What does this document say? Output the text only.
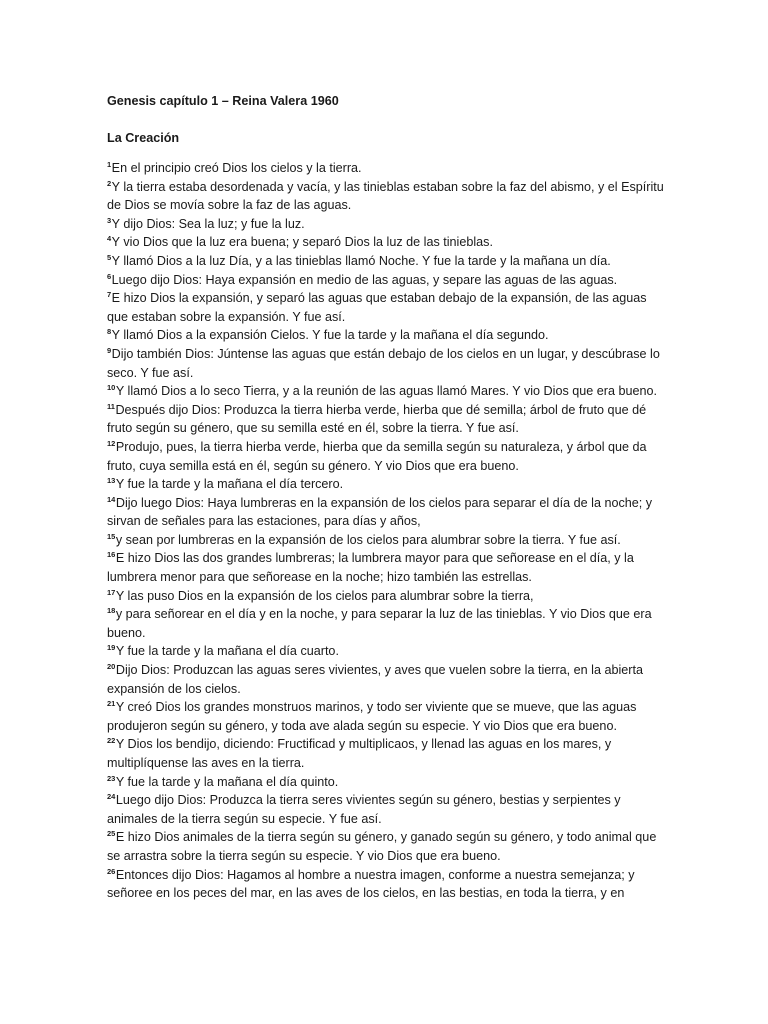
Genesis capítulo 1 – Reina Valera 1960
La Creación

$^1$En el principio creó Dios los cielos y la tierra.

$^2$Y la tierra estaba desordenada y vacía, y las tinieblas estaban sobre la faz del abismo, y el Espíritu de Dios se movía sobre la faz de las aguas.

$^3$Y dijo Dios: Sea la luz; y fue la luz.

$^4$Y vio Dios que la luz era buena; y separó Dios la luz de las tinieblas.

$^5$Y llamó Dios a la luz Día, y a las tinieblas llamó Noche. Y fue la tarde y la mañana un día.

$^6$Luego dijo Dios: Haya expansión en medio de las aguas, y separe las aguas de las aguas.

$^7$E hizo Dios la expansión, y separó las aguas que estaban debajo de la expansión, de las aguas que estaban sobre la expansión. Y fue así.

$^8$Y llamó Dios a la expansión Cielos. Y fue la tarde y la mañana el día segundo.

$^9$Dijo también Dios: Júntense las aguas que están debajo de los cielos en un lugar, y descúbrase lo seco. Y fue así.

$^{10}$Y llamó Dios a lo seco Tierra, y a la reunión de las aguas llamó Mares. Y vio Dios que era bueno.

$^{11}$Después dijo Dios: Produzca la tierra hierba verde, hierba que dé semilla; árbol de fruto que dé fruto según su género, que su semilla esté en él, sobre la tierra. Y fue así.

$^{12}$Produjo, pues, la tierra hierba verde, hierba que da semilla según su naturaleza, y árbol que da fruto, cuya semilla está en él, según su género. Y vio Dios que era bueno.

$^{13}$Y fue la tarde y la mañana el día tercero.

$^{14}$Dijo luego Dios: Haya lumbreras en la expansión de los cielos para separar el día de la noche; y sirvan de señales para las estaciones, para días y años,

$^{15}$y sean por lumbreras en la expansión de los cielos para alumbrar sobre la tierra. Y fue así.

$^{16}$E hizo Dios las dos grandes lumbreras; la lumbrera mayor para que señorease en el día, y la lumbrera menor para que señorease en la noche; hizo también las estrellas.

$^{17}$Y las puso Dios en la expansión de los cielos para alumbrar sobre la tierra,

$^{18}$y para señorear en el día y en la noche, y para separar la luz de las tinieblas. Y vio Dios que era bueno.

$^{19}$Y fue la tarde y la mañana el día cuarto.

$^{20}$Dijo Dios: Produzcan las aguas seres vivientes, y aves que vuelen sobre la tierra, en la abierta expansión de los cielos.

$^{21}$Y creó Dios los grandes monstruos marinos, y todo ser viviente que se mueve, que las aguas produjeron según su género, y toda ave alada según su especie. Y vio Dios que era bueno.

$^{22}$Y Dios los bendijo, diciendo: Fructificad y multiplicaos, y llenad las aguas en los mares, y multiplíquense las aves en la tierra.

$^{23}$Y fue la tarde y la mañana el día quinto.

$^{24}$Luego dijo Dios: Produzca la tierra seres vivientes según su género, bestias y serpientes y animales de la tierra según su especie. Y fue así.

$^{25}$E hizo Dios animales de la tierra según su género, y ganado según su género, y todo animal que se arrastra sobre la tierra según su especie. Y vio Dios que era bueno.

$^{26}$Entonces dijo Dios: Hagamos al hombre a nuestra imagen, conforme a nuestra semejanza; y señoree en los peces del mar, en las aves de los cielos, en las bestias, en toda la tierra, y en
